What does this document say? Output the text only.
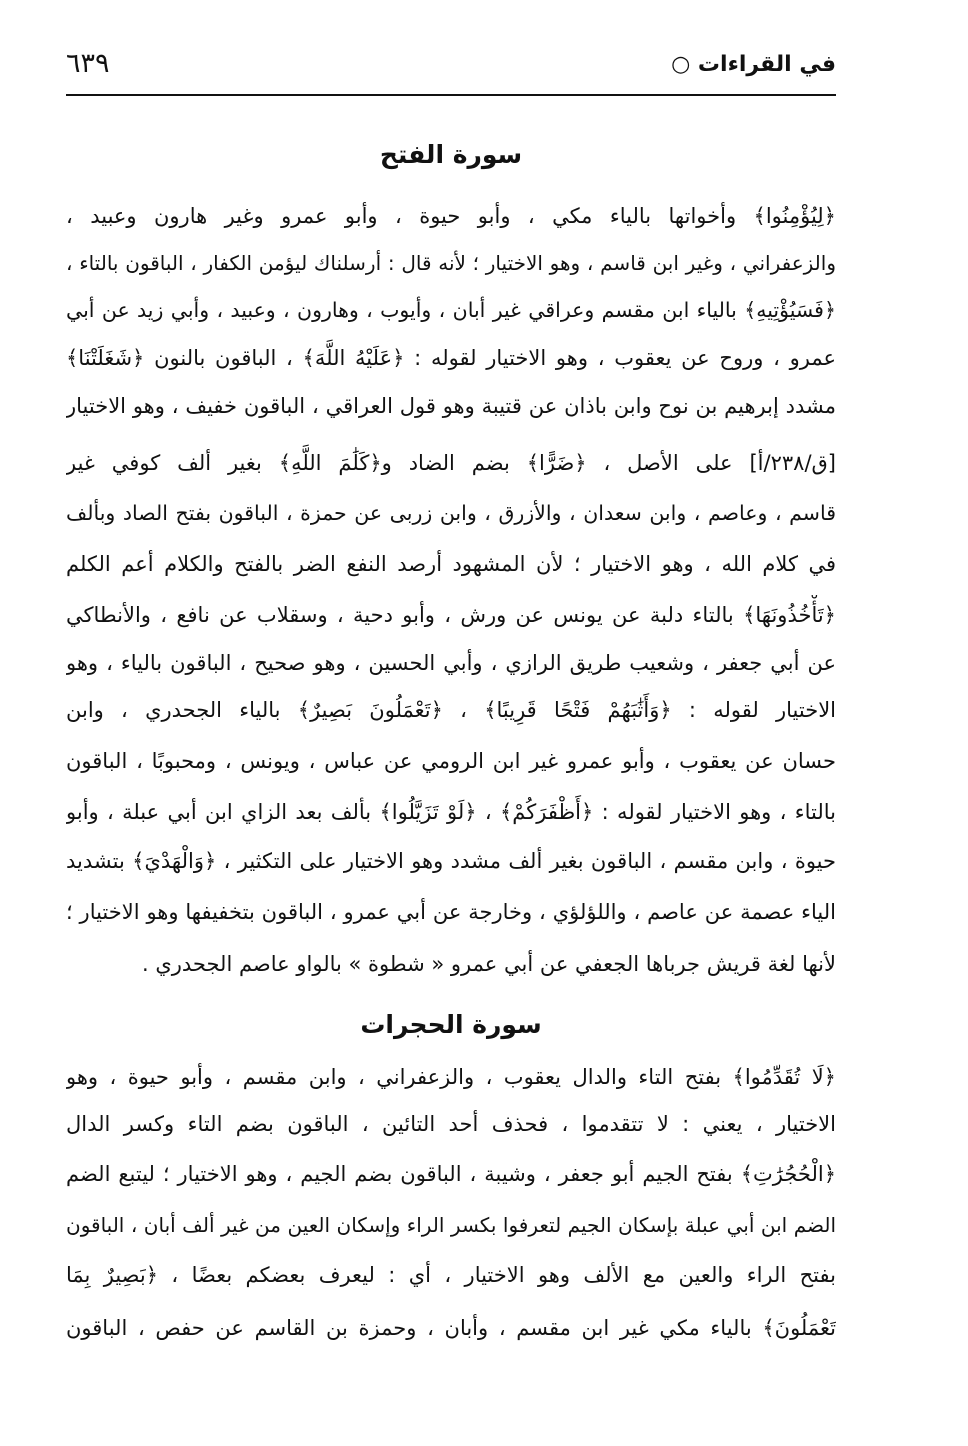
٦٣٩	في القراءات ○
سورة الفتح
﴿لِيُؤْمِنُوا﴾ وأخواتها بالياء مكي ، وأبو حيوة ، وأبو عمرو وغير هارون وعبيد ،
والزعفراني ، وغير ابن قاسم ، وهو الاختيار ؛ لأنه قال : أرسلناك ليؤمن الكفار ، الباقون بالتاء ،
﴿فَسَيُؤْتِيهِ﴾ بالياء ابن مقسم وعراقي غير أبان ، وأيوب ، وهارون ، وعبيد ، وأبي زيد عن أبي
عمرو ، وروح عن يعقوب ، وهو الاختيار لقوله : ﴿عَلَيْهُ اللَّهَ﴾ ، الباقون بالنون ﴿شَغَلَتْنَا﴾
مشدد إبرهيم بن نوح وابن باذان عن قتيبة وهو قول العراقي ، الباقون خفيف ، وهو الاختيار
[ق/٢٣٨/أ] على الأصل ، ﴿ضَرًّا﴾ بضم الضاد و﴿كَلَٰمَ اللَّهِ﴾ بغير ألف كوفي غير
قاسم ، وعاصم ، وابن سعدان ، والأزرق ، وابن زربى عن حمزة ، الباقون بفتح الصاد وبألف
في كلام الله ، وهو الاختيار ؛ لأن المشهود أرصد النفع الضر بالفتح والكلام أعم الكلم
﴿تَأْخُذُونَهَا﴾ بالتاء دلبة عن يونس عن ورش ، وأبو دحية ، وسقلاب عن نافع ، والأنطاكي
عن أبي جعفر ، وشعيب طريق الرازي ، وأبي الحسين ، وهو صحيح ، الباقون بالياء ، وهو
الاختيار لقوله : ﴿وَأَثَٰبَهُمْ فَتْحًا قَرِيبًا﴾ ، ﴿تَعْمَلُونَ بَصِيرٌ﴾ بالياء الجحدري ، وابن
حسان عن يعقوب ، وأبو عمرو غير ابن الرومي عن عباس ، ويونس ، ومحبوبًا ، الباقون
بالتاء ، وهو الاختيار لقوله : ﴿أَظْفَرَكُمْ﴾ ، ﴿لَوْ تَزَيَّلُوا﴾ بألف بعد الزاي ابن أبي عبلة ، وأبو
حيوة ، وابن مقسم ، الباقون بغير ألف مشدد وهو الاختيار على التكثير ، ﴿وَالْهَدْيَ﴾ بتشديد
الياء عصمة عن عاصم ، واللؤلؤي ، وخارجة عن أبي عمرو ، الباقون بتخفيفها وهو الاختيار ؛
لأنها لغة قريش جرباها الجعفي عن أبي عمرو « شطوة » بالواو عاصم الجحدري .
سورة الحجرات
﴿لَا تُقَدِّمُوا﴾ بفتح التاء والدال يعقوب ، والزعفراني ، وابن مقسم ، وأبو حيوة ، وهو
الاختيار ، يعني : لا تتقدموا ، فحذف أحد التائين ، الباقون بضم التاء وكسر الدال
﴿الْحُجُرَٰتِ﴾ بفتح الجيم أبو جعفر ، وشيبة ، الباقون بضم الجيم ، وهو الاختيار ؛ ليتبع الضم
الضم ابن أبي عبلة بإسكان الجيم لتعرفوا بكسر الراء وإسكان العين من غير ألف أبان ، الباقون
بفتح الراء والعين مع الألف وهو الاختيار ، أي : ليعرف بعضكم بعضًا ، ﴿بَصِيرٌ بِمَا
تَعْمَلُونَ﴾ بالياء مكي غير ابن مقسم ، وأبان ، وحمزة بن القاسم عن حفص ، الباقون
